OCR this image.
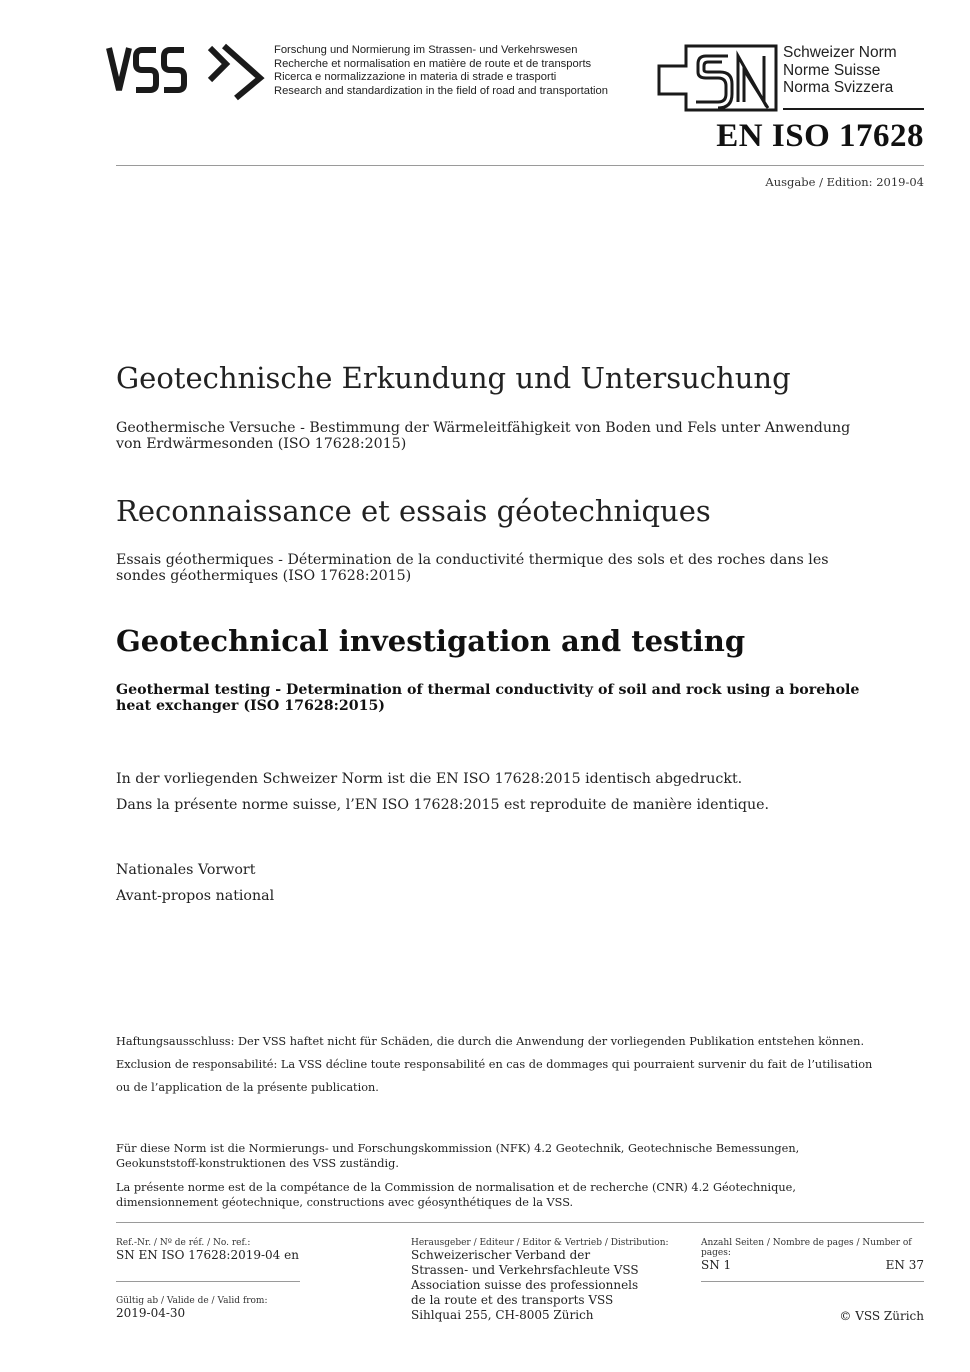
Forschung und Normierung im Strassen- und Verkehrswesen
Recherche et normalisation en matière de route et de transports
Ricerca e normalizzazione in materia di strade e trasporti
Research and standardization in the field of road and transportation
Schweizer Norm
Norme Suisse
Norma Svizzera
EN ISO 17628
Ausgabe / Edition: 2019-04
Geotechnische Erkundung und Untersuchung

Geothermische Versuche - Bestimmung der Wärmeleitfähigkeit von Boden und Fels unter Anwendung von Erdwärmesonden (ISO 17628:2015)

Reconnaissance et essais géotechniques

Essais géothermiques - Détermination de la conductivité thermique des sols et des roches dans les sondes géothermiques (ISO 17628:2015)

Geotechnical investigation and testing

Geothermal testing - Determination of thermal conductivity of soil and rock using a borehole heat exchanger (ISO 17628:2015)

In der vorliegenden Schweizer Norm ist die EN ISO 17628:2015 identisch abgedruckt.

Dans la présente norme suisse, l’EN ISO 17628:2015 est reproduite de manière identique.

Nationales Vorwort

Avant-propos national

Haftungsausschluss: Der VSS haftet nicht für Schäden, die durch die Anwendung der vorliegenden Publikation entstehen können.

Exclusion de responsabilité: La VSS décline toute responsabilité en cas de dommages qui pourraient survenir du fait de l’utilisation ou de l’application de la présente publication.

Für diese Norm ist die Normierungs- und Forschungskommission (NFK) 4.2 Geotechnik, Geotechnische Bemessungen, Geokunststoff-konstruktionen des VSS zuständig.

La présente norme est de la compétance de la Commission de normalisation et de recherche (CNR) 4.2 Géotechnique, dimensionnement géotechnique, constructions avec géosynthétiques de la VSS.

Ref.-Nr. / Nº de réf. / No. ref.:
SN EN ISO 17628:2019-04 en
Gültig ab / Valide de / Valid from:
2019-04-30
Herausgeber / Editeur / Editor & Vertrieb / Distribution:
Schweizerischer Verband der
Strassen- und Verkehrsfachleute VSS
Association suisse des professionnels
de la route et des transports VSS
Sihlquai 255, CH-8005 Zürich
Anzahl Seiten / Nombre de pages / Number of pages:
SN 1	EN 37
© VSS Zürich
